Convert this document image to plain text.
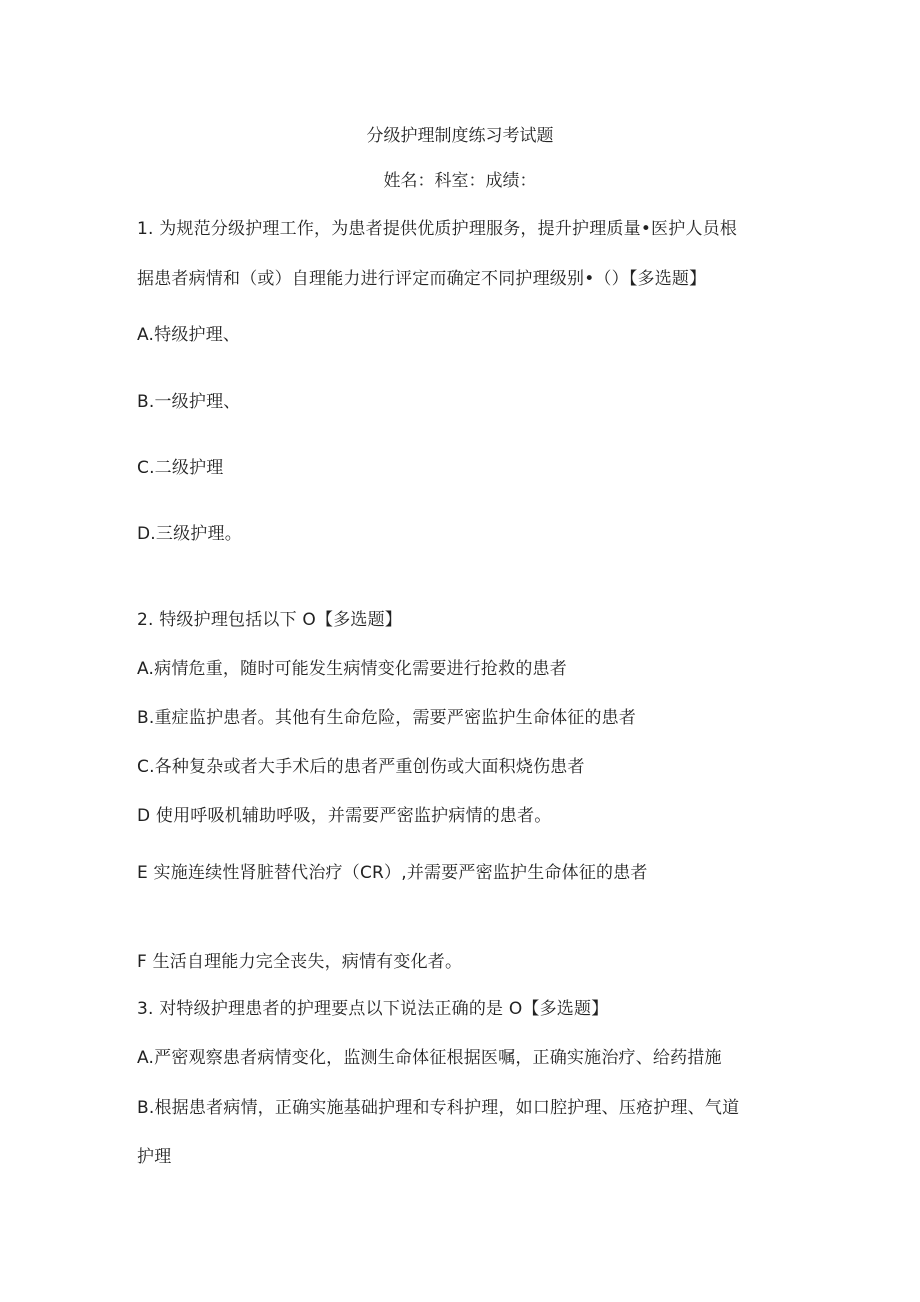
分级护理制度练习考试题
姓名：科室：成绩：
1. 为规范分级护理工作，为患者提供优质护理服务，提升护理质量•医护人员根
据患者病情和（或）自理能力进行评定而确定不同护理级别•（）【多选题】
A.特级护理、
B.一级护理、
C.二级护理
D.三级护理。
2. 特级护理包括以下 O【多选题】
A.病情危重，随时可能发生病情变化需要进行抢救的患者
B.重症监护患者。其他有生命危险，需要严密监护生命体征的患者
C.各种复杂或者大手术后的患者严重创伤或大面积烧伤患者
D 使用呼吸机辅助呼吸，并需要严密监护病情的患者。
E 实施连续性肾脏替代治疗（CR）,并需要严密监护生命体征的患者
F 生活自理能力完全丧失，病情有变化者。
3. 对特级护理患者的护理要点以下说法正确的是 O【多选题】
A.严密观察患者病情变化，监测生命体征根据医嘱，正确实施治疗、给药措施
B.根据患者病情，正确实施基础护理和专科护理，如口腔护理、压疮护理、气道
护理
